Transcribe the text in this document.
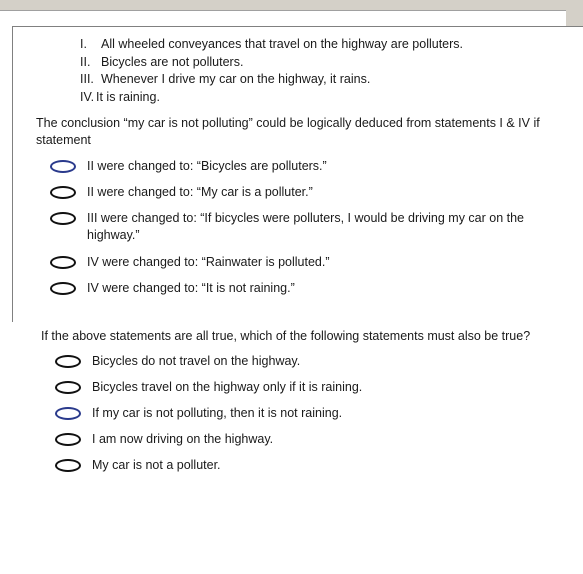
I.	All wheeled conveyances that travel on the highway are polluters.
II. Bicycles are not polluters.
III. Whenever I drive my car on the highway, it rains.
IV. It is raining.

The conclusion “my car is not polluting” could be logically deduced from statements I & IV if statement

II were changed to: “Bicycles are polluters.”
II were changed to: “My car is a polluter.”
III were changed to: “If bicycles were polluters, I would be driving my car on the highway.”
IV were changed to: “Rainwater is polluted.”
IV were changed to: “It is not raining.”

If the above statements are all true, which of the following statements must also be true?

Bicycles do not travel on the highway.
Bicycles travel on the highway only if it is raining.
If my car is not polluting, then it is not raining.
I am now driving on the highway.
My car is not a polluter.
